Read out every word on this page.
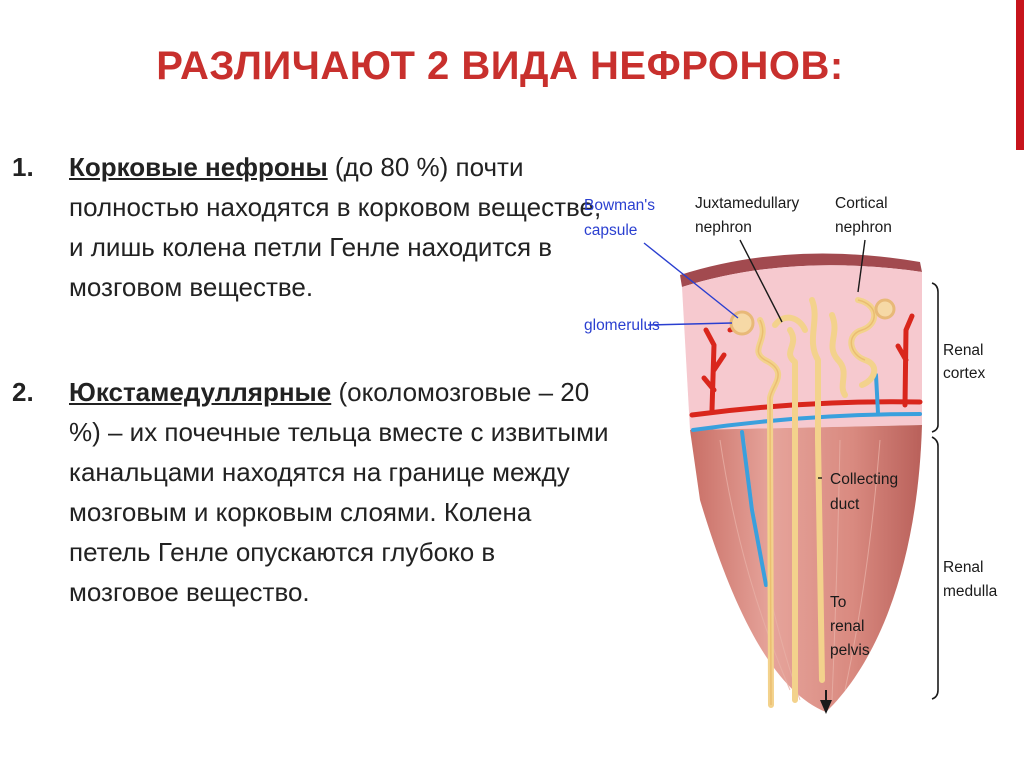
РАЗЛИЧАЮТ 2 ВИДА НЕФРОНОВ:
1. Корковые нефроны (до 80 %) почти полностью находятся в корковом веществе, и лишь колена петли Генле находится в мозговом веществе.
2. Юкстамедуллярные (околомозговые – 20 %) – их почечные тельца вместе с извитыми канальцами находятся на границе между мозговым и корковым слоями. Колена петель Генле опускаются глубоко в мозговое вещество.
Bowman's
capsule
Juxtamedullary
nephron
Cortical
nephron
glomerulus
Renal
cortex
Collecting
duct
Renal
medulla
To
renal
pelvis
